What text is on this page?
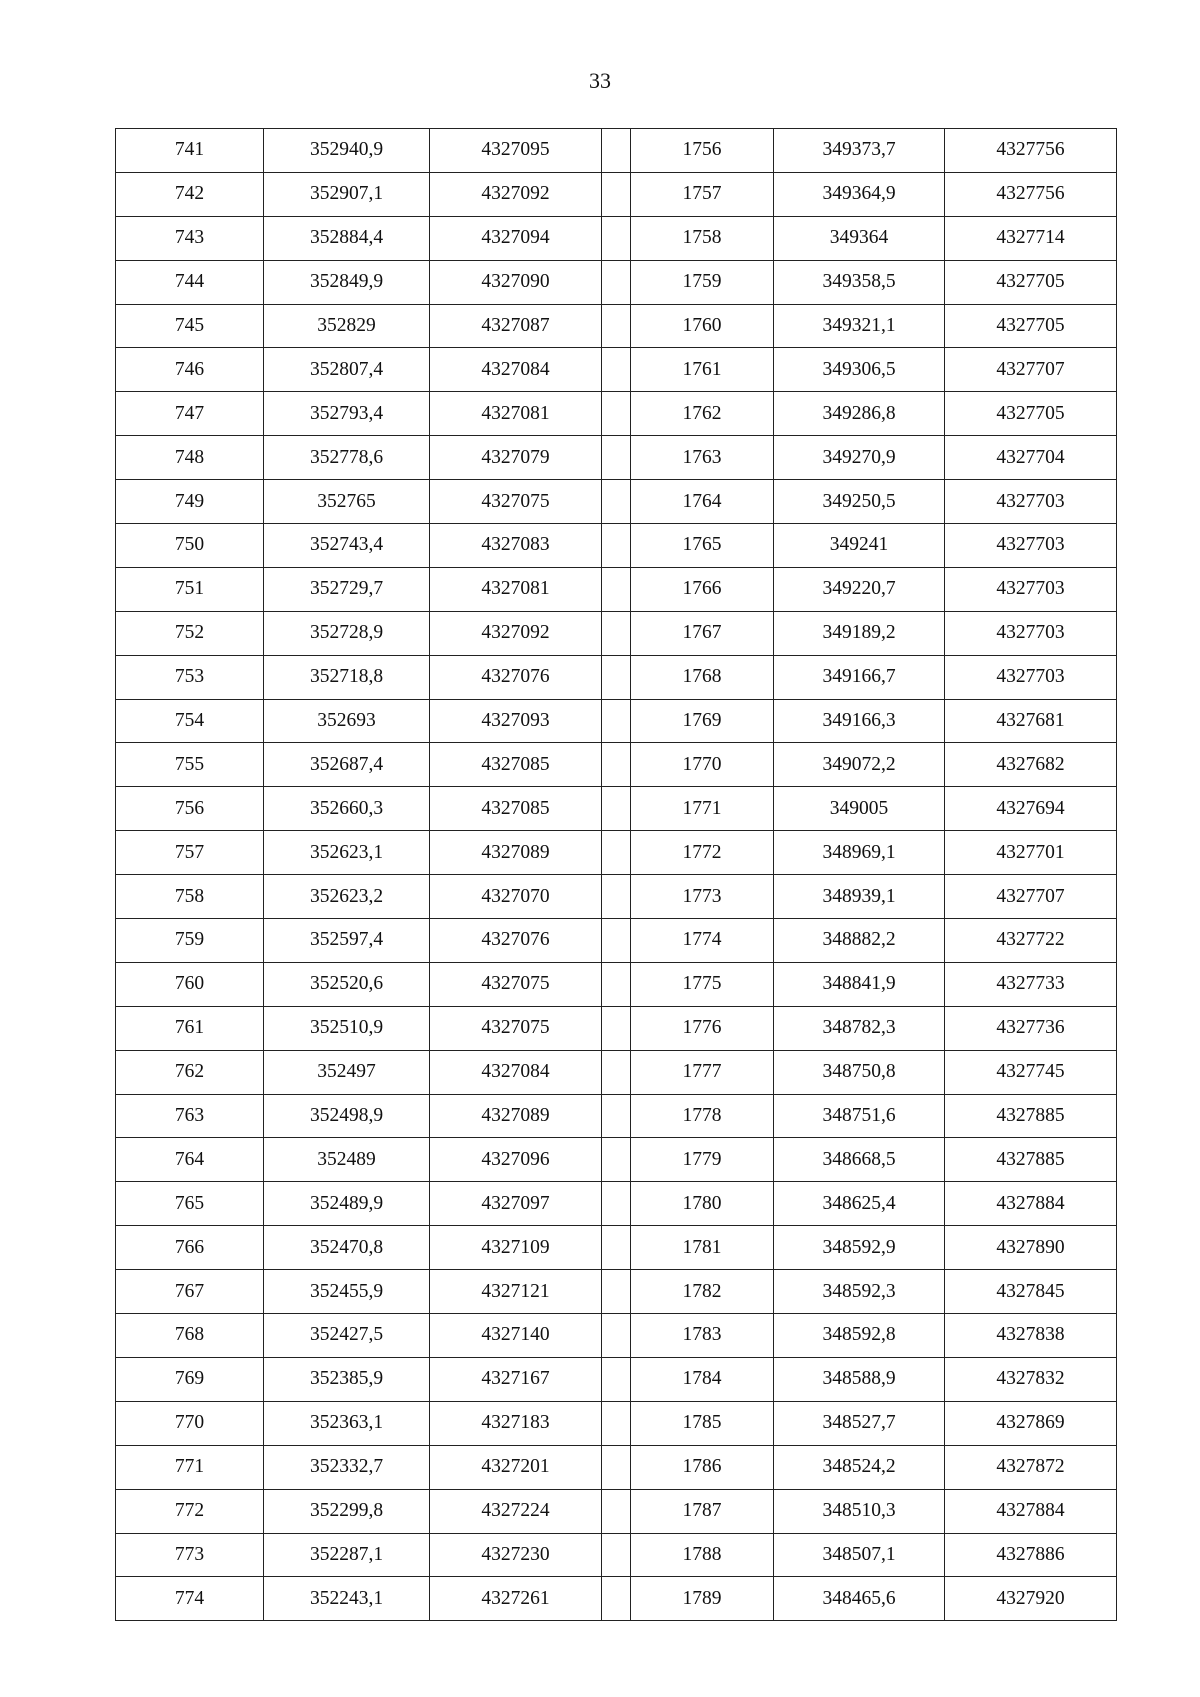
33
741	352940,9	4327095		1756	349373,7	4327756
742	352907,1	4327092		1757	349364,9	4327756
743	352884,4	4327094		1758	349364	4327714
744	352849,9	4327090		1759	349358,5	4327705
745	352829	4327087		1760	349321,1	4327705
746	352807,4	4327084		1761	349306,5	4327707
747	352793,4	4327081		1762	349286,8	4327705
748	352778,6	4327079		1763	349270,9	4327704
749	352765	4327075		1764	349250,5	4327703
750	352743,4	4327083		1765	349241	4327703
751	352729,7	4327081		1766	349220,7	4327703
752	352728,9	4327092		1767	349189,2	4327703
753	352718,8	4327076		1768	349166,7	4327703
754	352693	4327093		1769	349166,3	4327681
755	352687,4	4327085		1770	349072,2	4327682
756	352660,3	4327085		1771	349005	4327694
757	352623,1	4327089		1772	348969,1	4327701
758	352623,2	4327070		1773	348939,1	4327707
759	352597,4	4327076		1774	348882,2	4327722
760	352520,6	4327075		1775	348841,9	4327733
761	352510,9	4327075		1776	348782,3	4327736
762	352497	4327084		1777	348750,8	4327745
763	352498,9	4327089		1778	348751,6	4327885
764	352489	4327096		1779	348668,5	4327885
765	352489,9	4327097		1780	348625,4	4327884
766	352470,8	4327109		1781	348592,9	4327890
767	352455,9	4327121		1782	348592,3	4327845
768	352427,5	4327140		1783	348592,8	4327838
769	352385,9	4327167		1784	348588,9	4327832
770	352363,1	4327183		1785	348527,7	4327869
771	352332,7	4327201		1786	348524,2	4327872
772	352299,8	4327224		1787	348510,3	4327884
773	352287,1	4327230		1788	348507,1	4327886
774	352243,1	4327261		1789	348465,6	4327920
